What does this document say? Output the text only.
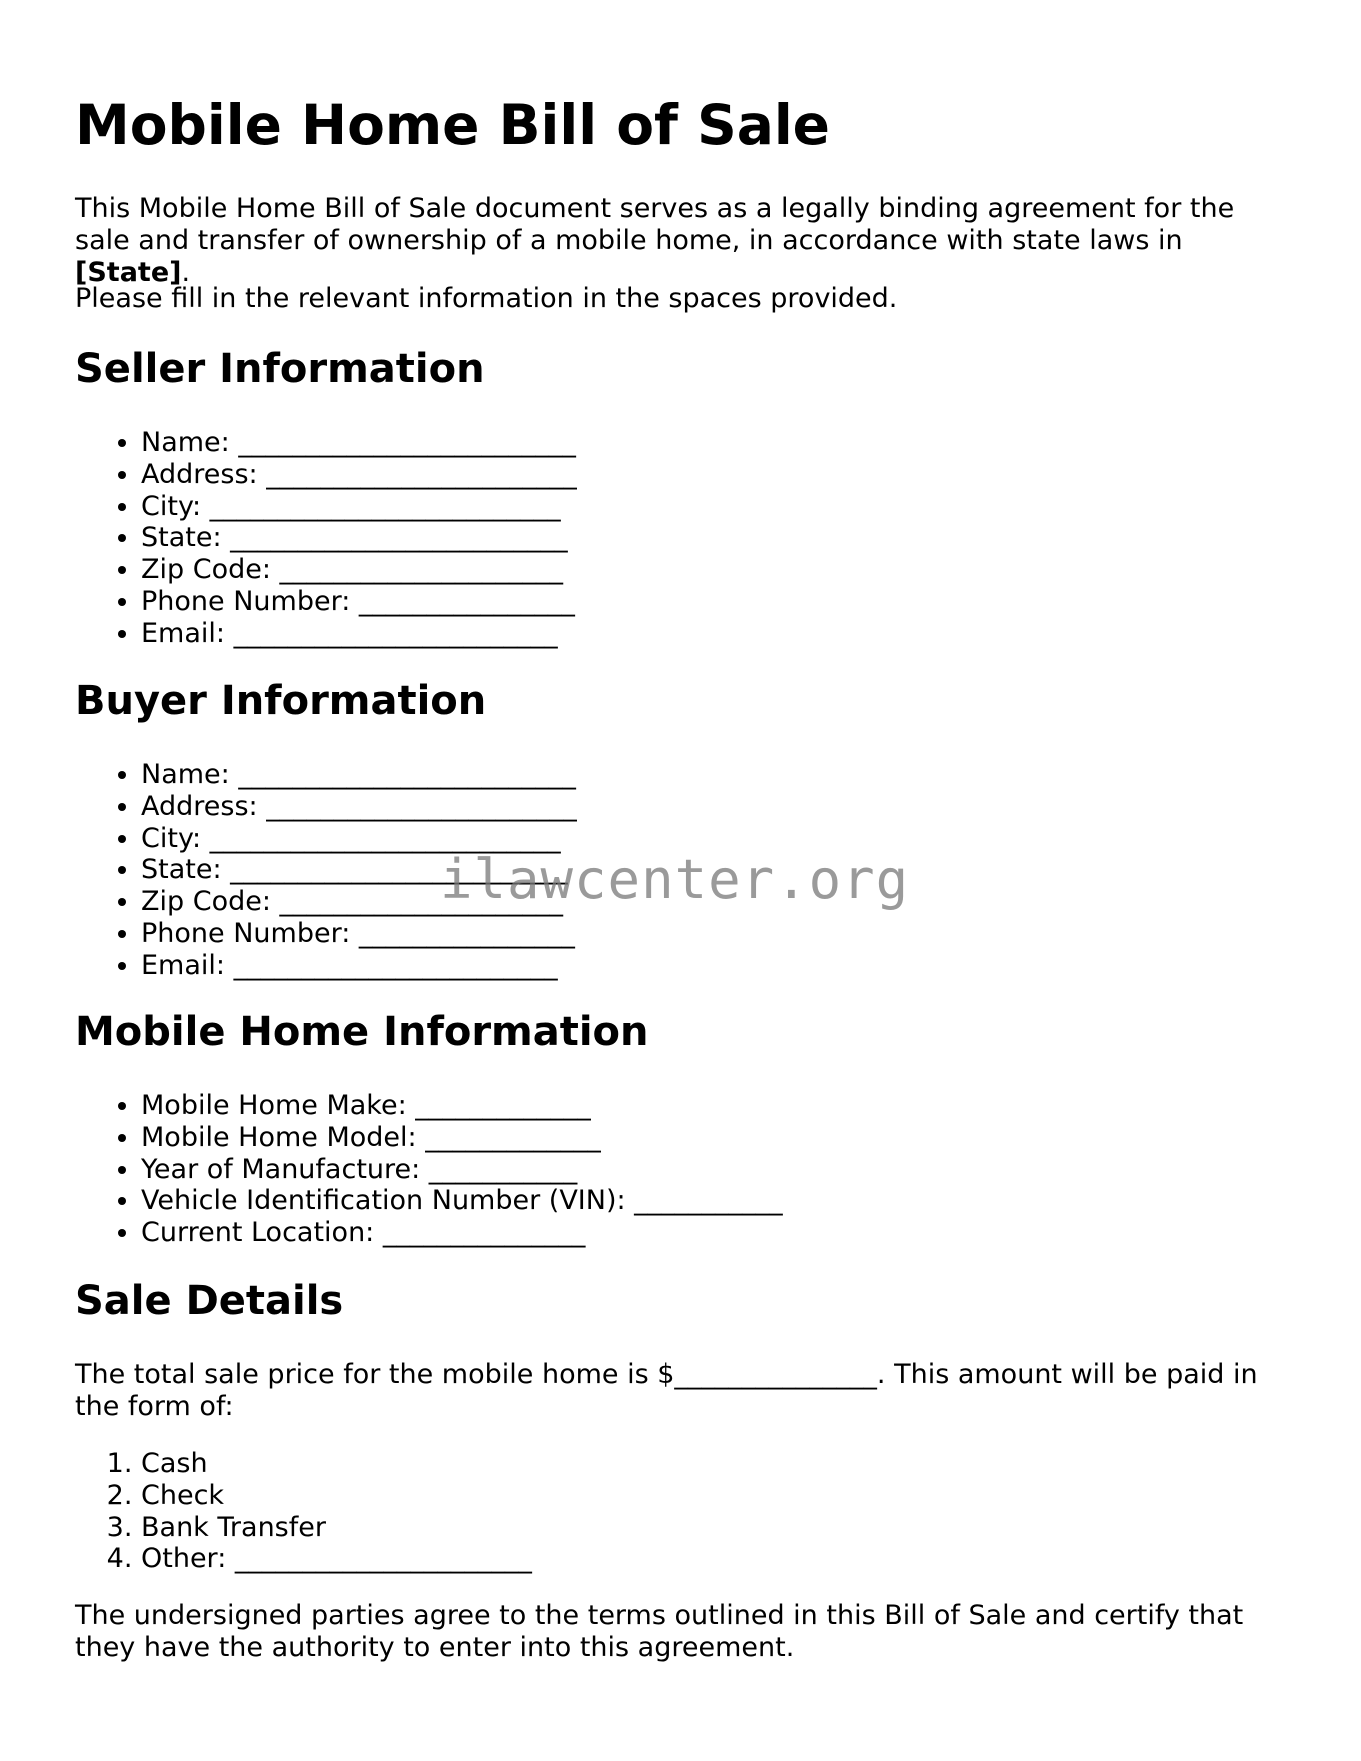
Mobile Home Bill of Sale

This Mobile Home Bill of Sale document serves as a legally binding agreement for the sale and transfer of ownership of a mobile home, in accordance with state laws in [State].

Please fill in the relevant information in the spaces provided.

Seller Information
• Name: _________________________
• Address: _______________________
• City: __________________________
• State: _________________________
• Zip Code: _____________________
• Phone Number: ________________
• Email: ________________________
Buyer Information
• Name: _________________________
• Address: _______________________
• City: __________________________
• State: _________________________
• Zip Code: _____________________
• Phone Number: ________________
• Email: ________________________
Mobile Home Information
• Mobile Home Make: _____________
• Mobile Home Model: _____________
• Year of Manufacture: ___________
• Vehicle Identification Number (VIN): ___________
• Current Location: _______________
Sale Details

The total sale price for the mobile home is $_______________. This amount will be paid in the form of:

1. Cash
2. Check
3. Bank Transfer
4. Other: ______________________

The undersigned parties agree to the terms outlined in this Bill of Sale and certify that they have the authority to enter into this agreement.

ilawcenter.org
